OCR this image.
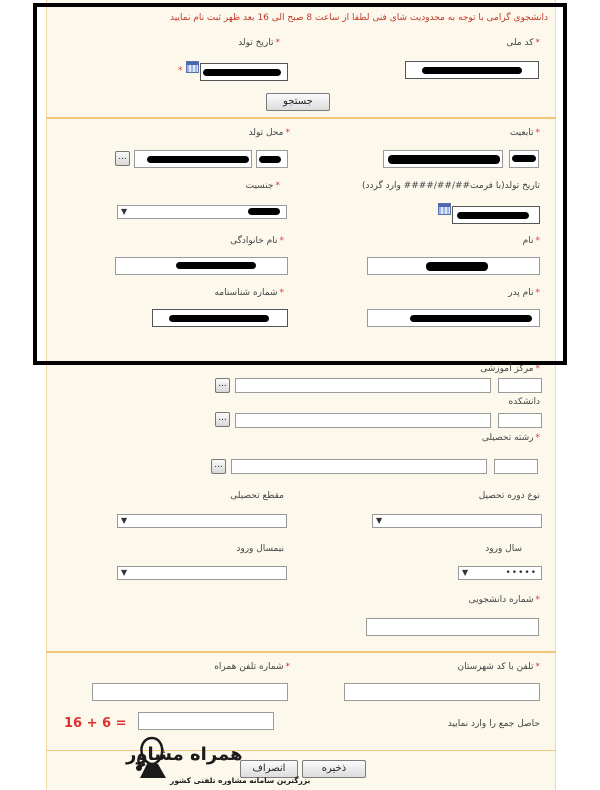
دانشجوی گرامی با توجه به محدودیت شای فنی لطفا از ساعت 8 صبح الی 16 بعد ظهر ثبت نام نمایید
*کد ملی
*تاریخ تولد
*
جستجو
*تابعیت
*محل تولد
...
تاریخ تولد(با فرمت##/##/#### وارد گردد)
*جنسیت
▼
*نام
*نام خانوادگی
*نام پدر
*شماره شناسنامه
*مرکز آموزشی
...
دانشکده
...
*رشته تحصیلی
...
نوع دوره تحصیل
▼
مقطع تحصیلی
▼
سال ورود
▼	•••••
نیمسال ورود
▼
*شماره دانشجویی
*تلفن با کد شهرستان
*شماره تلفن همراه
حاصل جمع را وارد نمایید
16 + 6 =
ذخیره
انصراف
همراه مشاور
بزرگترین سامانه مشاوره تلفنی کشور
